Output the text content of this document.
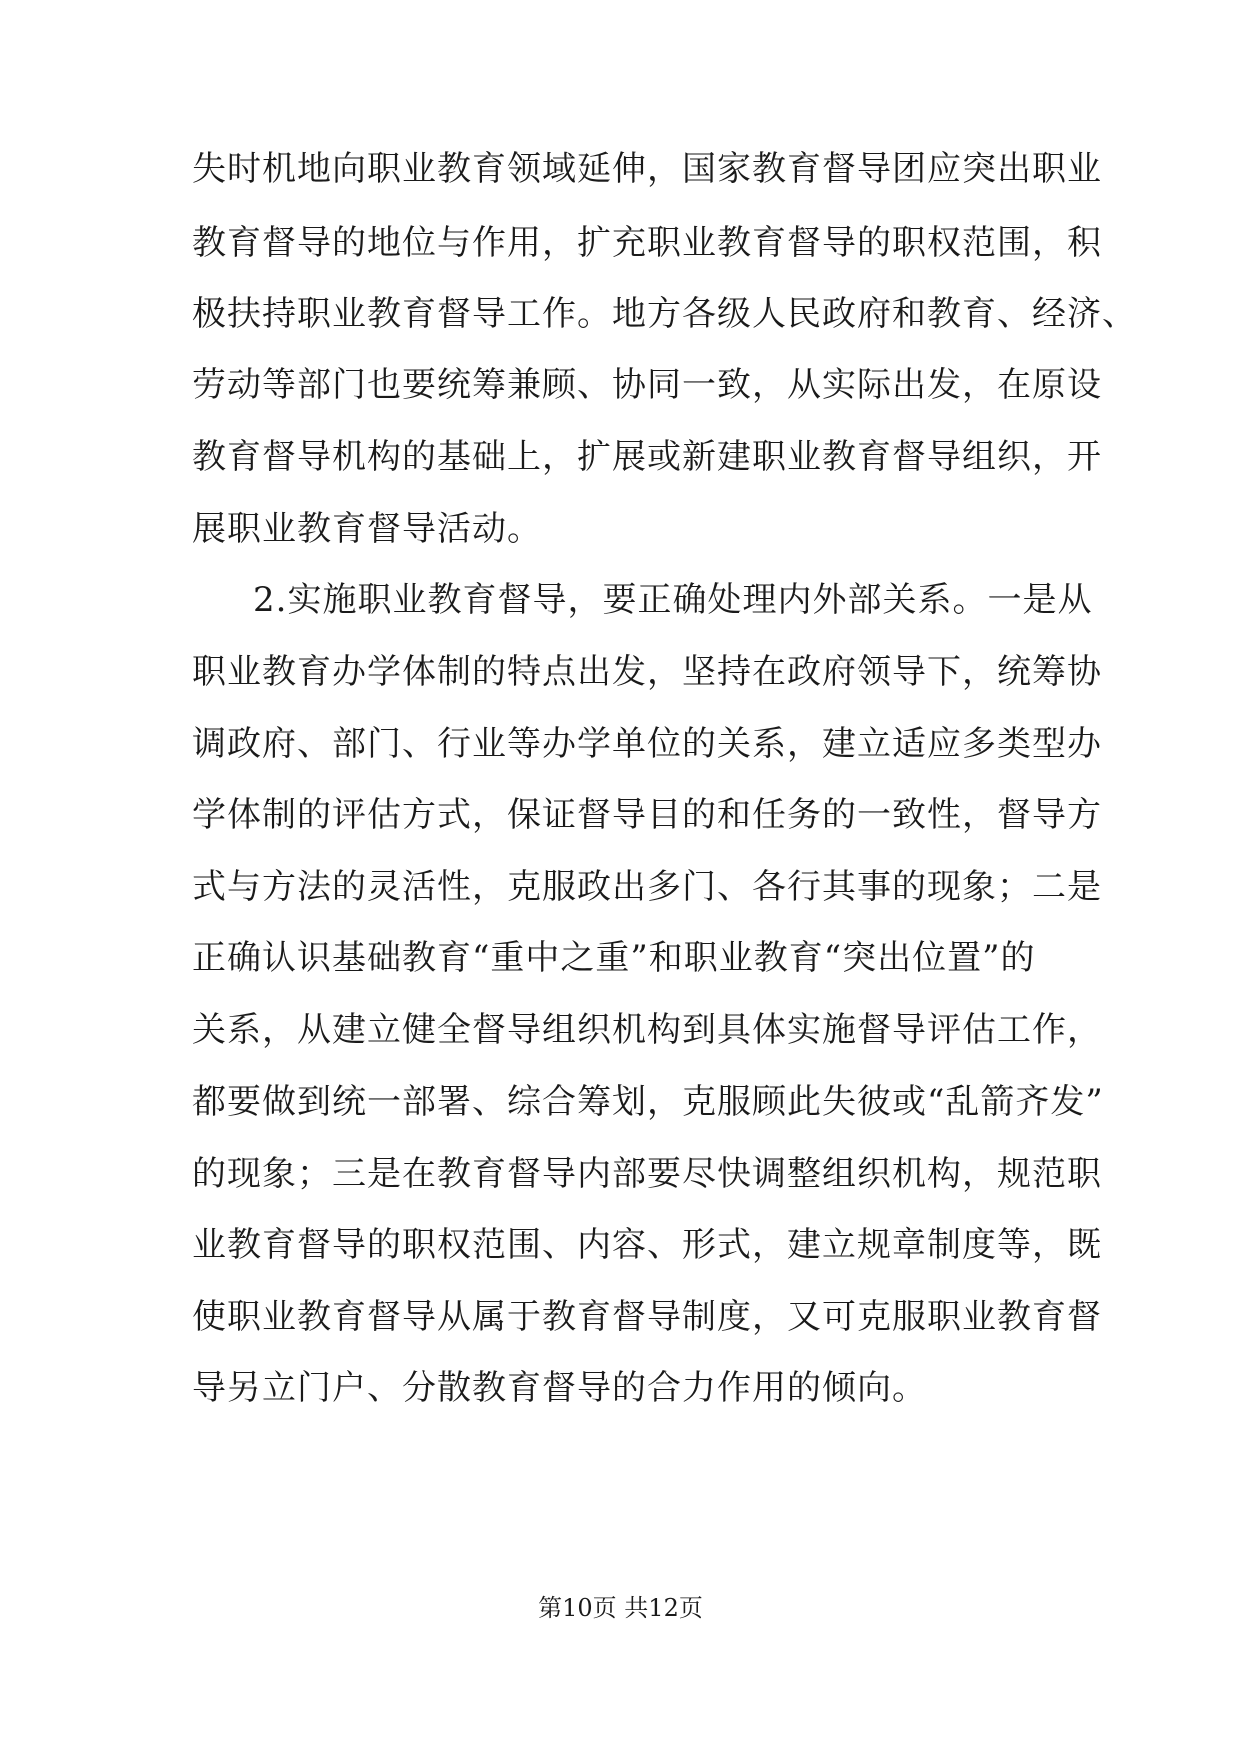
失时机地向职业教育领域延伸，国家教育督导团应突出职业
教育督导的地位与作用，扩充职业教育督导的职权范围，积
极扶持职业教育督导工作。地方各级人民政府和教育、经济、
劳动等部门也要统筹兼顾、协同一致，从实际出发，在原设
教育督导机构的基础上，扩展或新建职业教育督导组织，开
展职业教育督导活动。
2.实施职业教育督导，要正确处理内外部关系。一是从
职业教育办学体制的特点出发，坚持在政府领导下，统筹协
调政府、部门、行业等办学单位的关系，建立适应多类型办
学体制的评估方式，保证督导目的和任务的一致性，督导方
式与方法的灵活性，克服政出多门、各行其事的现象；二是
正确认识基础教育“重中之重”和职业教育“突出位置”的
关系，从建立健全督导组织机构到具体实施督导评估工作，
都要做到统一部署、综合筹划，克服顾此失彼或“乱箭齐发”
的现象；三是在教育督导内部要尽快调整组织机构，规范职
业教育督导的职权范围、内容、形式，建立规章制度等，既
使职业教育督导从属于教育督导制度，又可克服职业教育督
导另立门户、分散教育督导的合力作用的倾向。
第10页 共12页
